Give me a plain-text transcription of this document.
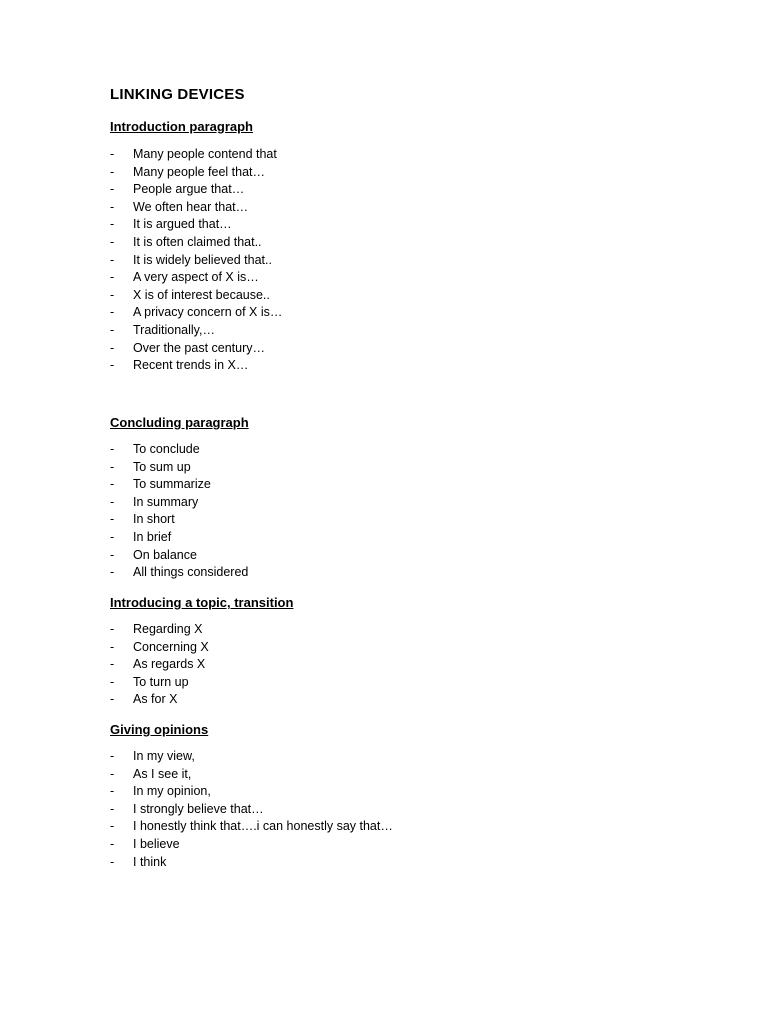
LINKING DEVICES

Introduction paragraph

-	Many people contend that
-	Many people feel that…
-	People argue that…
-	We often hear that…
-	It is argued that…
-	It is often claimed that..
-	It is widely believed that..
-	A very aspect of X is…
-	X is of interest because..
-	A privacy concern of X is…
-	Traditionally,…
-	Over the past century…
-	Recent trends in X…

Concluding paragraph

-	To conclude
-	To sum up
-	To summarize
-	In summary
-	In short
-	In brief
-	On balance
-	All things considered

Introducing a topic, transition

-	Regarding X
-	Concerning X
-	As regards X
-	To turn up
-	As for X

Giving opinions

-	In my view,
-	As I see it,
-	In my opinion,
-	I strongly believe that…
-	I honestly think that….i can honestly say that…
-	I believe
-	I think
